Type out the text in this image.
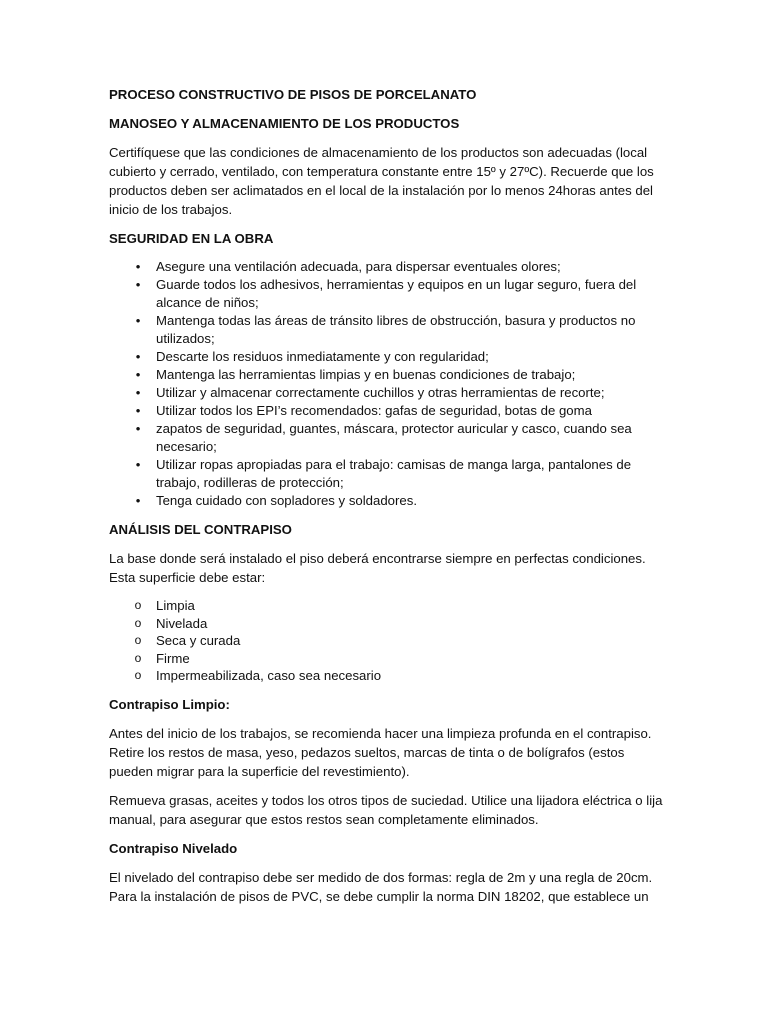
PROCESO CONSTRUCTIVO DE PISOS DE PORCELANATO

MANOSEO Y ALMACENAMIENTO DE LOS PRODUCTOS

Certifíquese que las condiciones de almacenamiento de los productos son adecuadas (local cubierto y cerrado, ventilado, con temperatura constante entre 15º y 27ºC). Recuerde que los productos deben ser aclimatados en el local de la instalación por lo menos 24horas antes del inicio de los trabajos.

SEGURIDAD EN LA OBRA

•	Asegure una ventilación adecuada, para dispersar eventuales olores;
•	Guarde todos los adhesivos, herramientas y equipos en un lugar seguro, fuera del alcance de niños;
•	Mantenga todas las áreas de tránsito libres de obstrucción, basura y productos no utilizados;
•	Descarte los residuos inmediatamente y con regularidad;
•	Mantenga las herramientas limpias y en buenas condiciones de trabajo;
•	Utilizar y almacenar correctamente cuchillos y otras herramientas de recorte;
•	Utilizar todos los EPI’s recomendados: gafas de seguridad, botas de goma
•	zapatos de seguridad, guantes, máscara, protector auricular y casco, cuando sea necesario;
•	Utilizar ropas apropiadas para el trabajo: camisas de manga larga, pantalones de trabajo, rodilleras de protección;
•	Tenga cuidado con sopladores y soldadores.

ANÁLISIS DEL CONTRAPISO

La base donde será instalado el piso deberá encontrarse siempre en perfectas condiciones. Esta superficie debe estar:

o Limpia
o Nivelada
o Seca y curada
o Firme
o Impermeabilizada, caso sea necesario

Contrapiso Limpio:

Antes del inicio de los trabajos, se recomienda hacer una limpieza profunda en el contrapiso. Retire los restos de masa, yeso, pedazos sueltos, marcas de tinta o de bolígrafos (estos pueden migrar para la superficie del revestimiento).

Remueva grasas, aceites y todos los otros tipos de suciedad. Utilice una lijadora eléctrica o lija manual, para asegurar que estos restos sean completamente eliminados.

Contrapiso Nivelado

El nivelado del contrapiso debe ser medido de dos formas: regla de 2m y una regla de 20cm. Para la instalación de pisos de PVC, se debe cumplir la norma DIN 18202, que establece un
